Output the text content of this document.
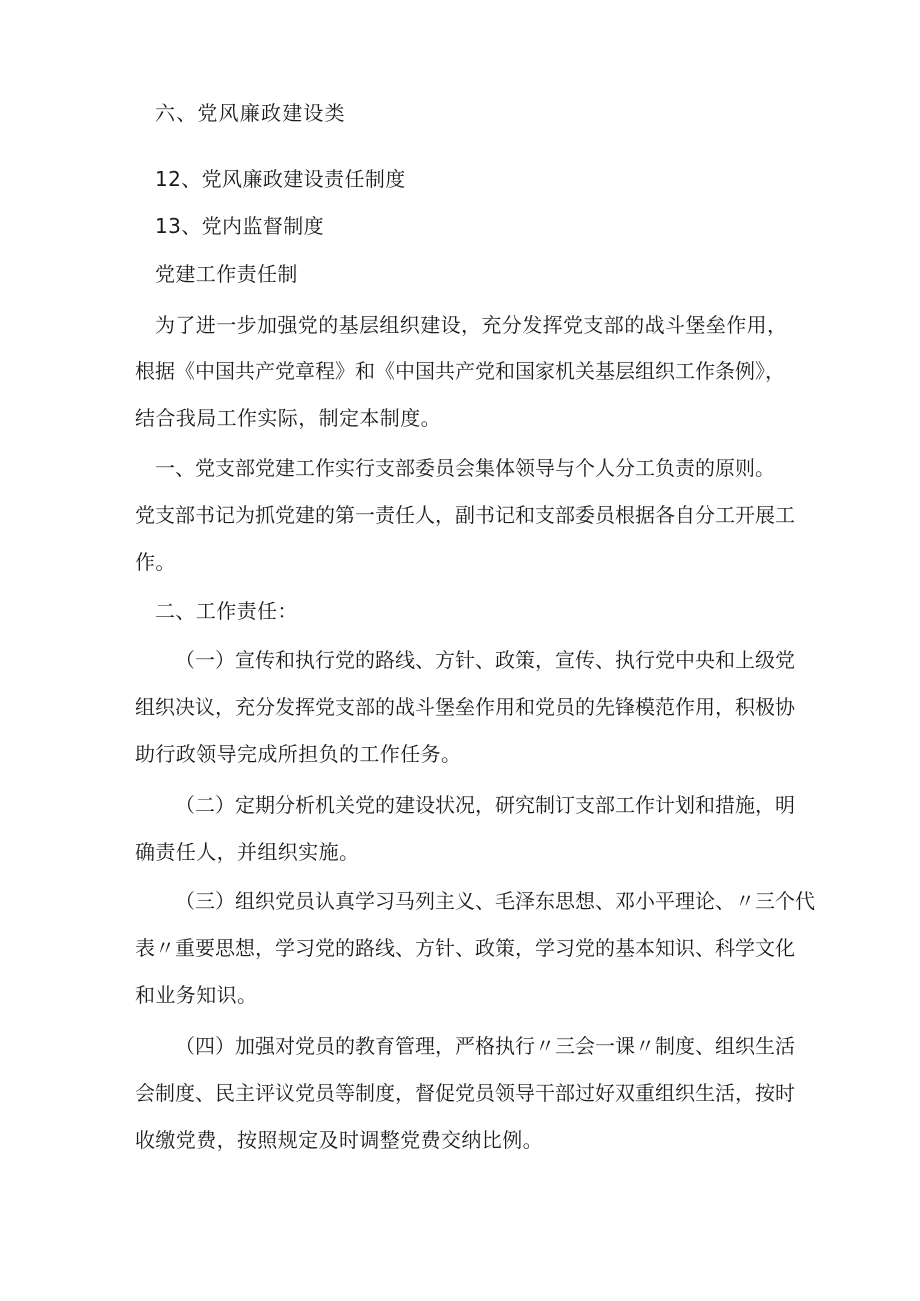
六、党风廉政建设类
12、党风廉政建设责任制度
13、党内监督制度
党建工作责任制
为了进一步加强党的基层组织建设，充分发挥党支部的战斗堡垒作用，
根据《中国共产党章程》和《中国共产党和国家机关基层组织工作条例》，
结合我局工作实际，制定本制度。
一、党支部党建工作实行支部委员会集体领导与个人分工负责的原则。
党支部书记为抓党建的第一责任人，副书记和支部委员根据各自分工开展工
作。
二、工作责任：
（一）宣传和执行党的路线、方针、政策，宣传、执行党中央和上级党
组织决议，充分发挥党支部的战斗堡垒作用和党员的先锋模范作用，积极协
助行政领导完成所担负的工作任务。
（二）定期分析机关党的建设状况，研究制订支部工作计划和措施，明
确责任人，并组织实施。
（三）组织党员认真学习马列主义、毛泽东思想、邓小平理论、〃三个代
表〃重要思想，学习党的路线、方针、政策，学习党的基本知识、科学文化
和业务知识。
（四）加强对党员的教育管理，严格执行〃三会一课〃制度、组织生活
会制度、民主评议党员等制度，督促党员领导干部过好双重组织生活，按时
收缴党费，按照规定及时调整党费交纳比例。
